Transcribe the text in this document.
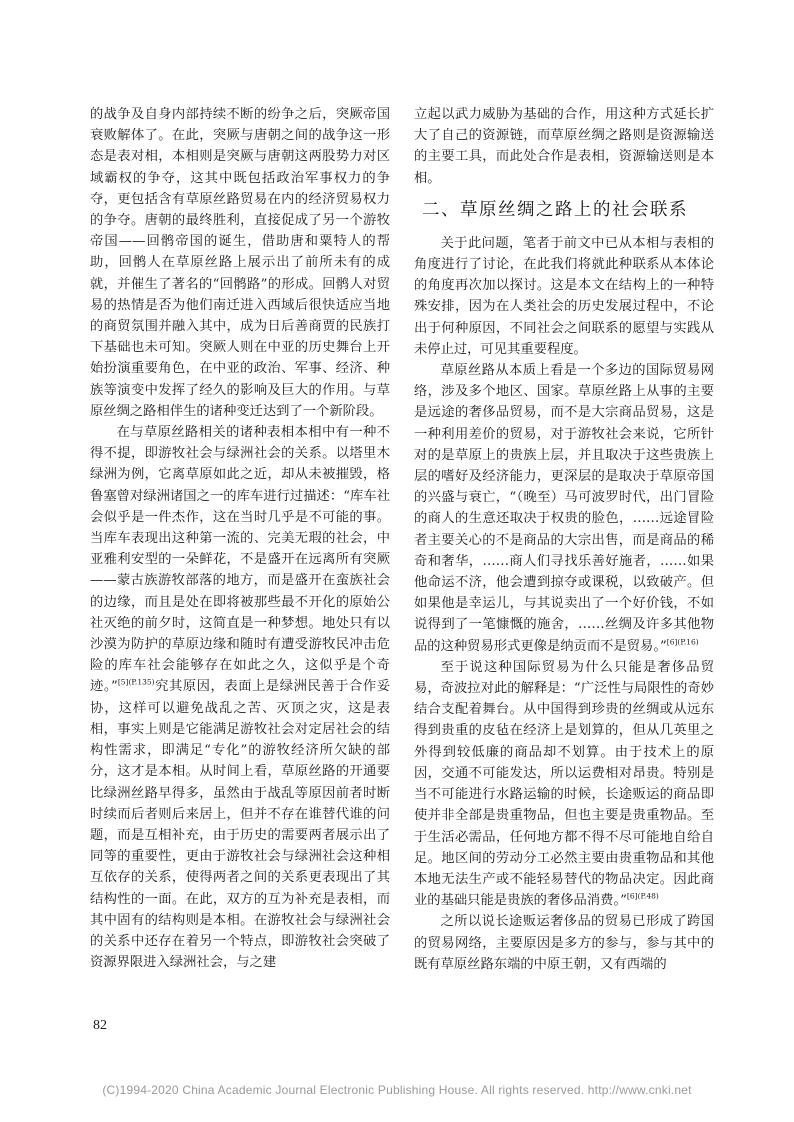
的战争及自身内部持续不断的纷争之后，突厥帝国衰败解体了。在此，突厥与唐朝之间的战争这一形态是表对相，本相则是突厥与唐朝这两股势力对区域霸权的争夺，这其中既包括政治军事权力的争夺，更包括含有草原丝路贸易在内的经济贸易权力的争夺。唐朝的最终胜利，直接促成了另一个游牧帝国——回鹘帝国的诞生，借助唐和粟特人的帮助，回鹘人在草原丝路上展示出了前所未有的成就，并催生了著名的“回鹘路”的形成。回鹘人对贸易的热情是否为他们南迁进入西域后很快适应当地的商贸氛围并融入其中，成为日后善商贾的民族打下基础也未可知。突厥人则在中亚的历史舞台上开始扮演重要角色，在中亚的政治、军事、经济、种族等演变中发挥了经久的影响及巨大的作用。与草原丝绸之路相伴生的诸种变迁达到了一个新阶段。

在与草原丝路相关的诸种表相本相中有一种不得不提，即游牧社会与绿洲社会的关系。以塔里木绿洲为例，它离草原如此之近，却从未被摧毁，格鲁塞曾对绿洲诸国之一的库车进行过描述：“库车社会似乎是一件杰作，这在当时几乎是不可能的事。当库车表现出这种第一流的、完美无瑕的社会，中亚雅利安型的一朵鲜花，不是盛开在远离所有突厥——蒙古族游牧部落的地方，而是盛开在蛮族社会的边缘，而且是处在即将被那些最不开化的原始公社灭绝的前夕时，这简直是一种梦想。地处只有以沙漠为防护的草原边缘和随时有遭受游牧民冲击危险的库车社会能够存在如此之久，这似乎是个奇迹。”$^{[5](P.135)}$究其原因，表面上是绿洲民善于合作妥协，这样可以避免战乱之苦、灭顶之灾，这是表相，事实上则是它能满足游牧社会对定居社会的结构性需求，即满足“专化”的游牧经济所欠缺的部分，这才是本相。从时间上看，草原丝路的开通要比绿洲丝路早得多，虽然由于战乱等原因前者时断时续而后者则后来居上，但并不存在谁替代谁的问题，而是互相补充，由于历史的需要两者展示出了同等的重要性，更由于游牧社会与绿洲社会这种相互依存的关系，使得两者之间的关系更表现出了其结构性的一面。在此，双方的互为补充是表相，而其中固有的结构则是本相。在游牧社会与绿洲社会的关系中还存在着另一个特点，即游牧社会突破了资源界限进入绿洲社会，与之建

立起以武力威胁为基础的合作，用这种方式延长扩大了自己的资源链，而草原丝绸之路则是资源输送的主要工具，而此处合作是表相，资源输送则是本相。

二、草原丝绸之路上的社会联系

关于此问题，笔者于前文中已从本相与表相的角度进行了讨论，在此我们将就此种联系从本体论的角度再次加以探讨。这是本文在结构上的一种特殊安排，因为在人类社会的历史发展过程中，不论出于何种原因，不同社会之间联系的愿望与实践从未停止过，可见其重要程度。

草原丝路从本质上看是一个多边的国际贸易网络，涉及多个地区、国家。草原丝路上从事的主要是远途的奢侈品贸易，而不是大宗商品贸易，这是一种利用差价的贸易，对于游牧社会来说，它所针对的是草原上的贵族上层，并且取决于这些贵族上层的嗜好及经济能力，更深层的是取决于草原帝国的兴盛与衰亡，“（晚至）马可波罗时代，出门冒险的商人的生意还取决于权贵的脸色，……远途冒险者主要关心的不是商品的大宗出售，而是商品的稀奇和奢华，……商人们寻找乐善好施者，……如果他命运不济，他会遭到掠夺或课税，以致破产。但如果他是幸运儿，与其说卖出了一个好价钱，不如说得到了一笔慷慨的施舍，……丝绸及许多其他物品的这种贸易形式更像是纳贡而不是贸易。”$^{[6](P.16)}$

至于说这种国际贸易为什么只能是奢侈品贸易，奇波拉对此的解释是：“广泛性与局限性的奇妙结合支配着舞台。从中国得到珍贵的丝绸或从远东得到贵重的皮毡在经济上是划算的，但从几英里之外得到较低廉的商品却不划算。由于技术上的原因，交通不可能发达，所以运费相对昂贵。特别是当不可能进行水路运输的时候，长途贩运的商品即使并非全部是贵重物品，但也主要是贵重物品。至于生活必需品，任何地方都不得不尽可能地自给自足。地区间的劳动分工必然主要由贵重物品和其他本地无法生产或不能轻易替代的物品决定。因此商业的基础只能是贵族的奢侈品消费。”$^{[6](P.48)}$

之所以说长途贩运奢侈品的贸易已形成了跨国的贸易网络，主要原因是多方的参与，参与其中的既有草原丝路东端的中原王朝，又有西端的

82
(C)1994-2020 China Academic Journal Electronic Publishing House. All rights reserved. http://www.cnki.net
